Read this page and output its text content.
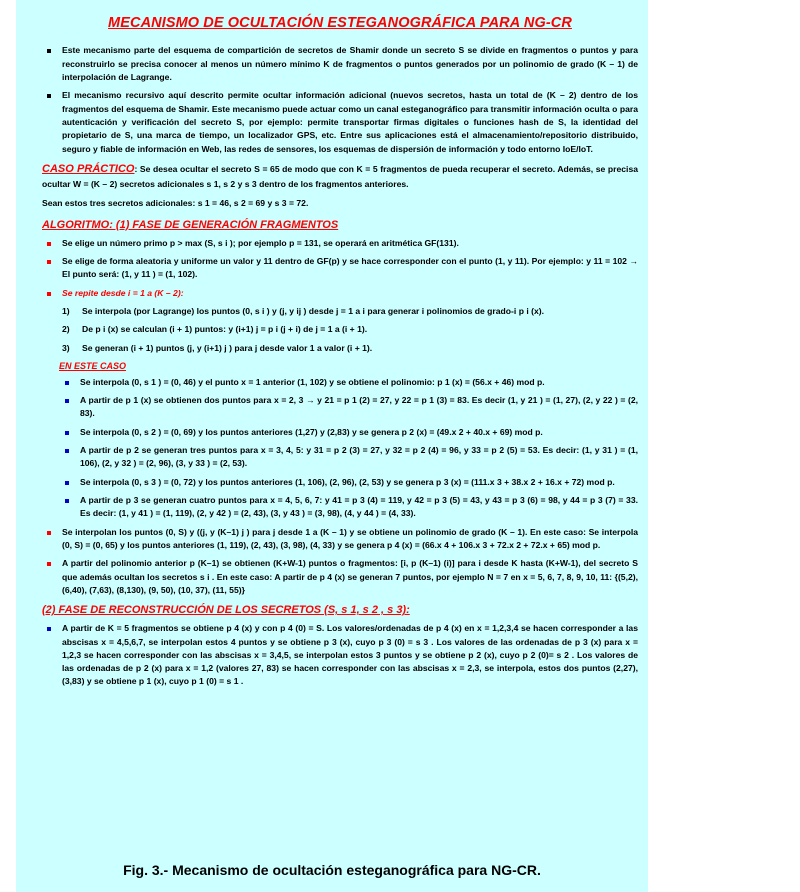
MECANISMO DE OCULTACIÓN ESTEGANOGRÁFICA PARA NG-CR
Este mecanismo parte del esquema de compartición de secretos de Shamir donde un secreto S se divide en fragmentos o puntos y para reconstruirlo se precisa conocer al menos un número mínimo K de fragmentos o puntos generados por un polinomio de grado (K – 1) de interpolación de Lagrange.
El mecanismo recursivo aquí descrito permite ocultar información adicional (nuevos secretos, hasta un total de (K – 2) dentro de los fragmentos del esquema de Shamir. Este mecanismo puede actuar como un canal esteganográfico para transmitir información oculta o para autenticación y verificación del secreto S, por ejemplo: permite transportar firmas digitales o funciones hash de S, la identidad del propietario de S, una marca de tiempo, un localizador GPS, etc. Entre sus aplicaciones está el almacenamiento/repositorio distribuido, seguro y fiable de información en Web, las redes de sensores, los esquemas de dispersión de información y todo entorno IoE/IoT.

CASO PRÁCTICO: Se desea ocultar el secreto S = 65 de modo que con K = 5 fragmentos de pueda recuperar el secreto. Además, se precisa ocultar W = (K – 2) secretos adicionales s 1, s 2 y s 3 dentro de los fragmentos anteriores.

Sean estos tres secretos adicionales: s 1 = 46, s 2 = 69 y s 3 = 72.

ALGORITMO: (1) FASE DE GENERACIÓN FRAGMENTOS
Se elige un número primo p > max (S, s i ); por ejemplo p = 131, se operará en aritmética GF(131).
Se elige de forma aleatoria y uniforme un valor y 11 dentro de GF(p) y se hace corresponder con el punto (1, y 11). Por ejemplo: y 11 = 102 → El punto será: (1, y 11 ) = (1, 102).
Se repite desde i = 1 a (K – 2):
1) Se interpola (por Lagrange) los puntos (0, s i ) y (j, y ij ) desde j = 1 a i para generar i polinomios de grado-i p i (x).
2) De p i (x) se calculan (i + 1) puntos: y (i+1) j = p i (j + i) de j = 1 a (i + 1).
3) Se generan (i + 1) puntos (j, y (i+1) j ) para j desde valor 1 a valor (i + 1).
EN ESTE CASO
Se interpola (0, s 1 ) = (0, 46) y el punto x = 1 anterior (1, 102) y se obtiene el polinomio: p 1 (x) = (56.x + 46) mod p.
A partir de p 1 (x) se obtienen dos puntos para x = 2, 3 → y 21 = p 1 (2) = 27, y 22 = p 1 (3) = 83. Es decir (1, y 21 ) = (1, 27), (2, y 22 ) = (2, 83).
Se interpola (0, s 2 ) = (0, 69) y los puntos anteriores (1,27) y (2,83) y se genera p 2 (x) = (49.x 2 + 40.x + 69) mod p.
A partir de p 2 se generan tres puntos para x = 3, 4, 5: y 31 = p 2 (3) = 27, y 32 = p 2 (4) = 96, y 33 = p 2 (5) = 53. Es decir: (1, y 31 ) = (1, 106), (2, y 32 ) = (2, 96), (3, y 33 ) = (2, 53).
Se interpola (0, s 3 ) = (0, 72) y los puntos anteriores (1, 106), (2, 96), (2, 53) y se genera p 3 (x) = (111.x 3 + 38.x 2 + 16.x + 72) mod p.
A partir de p 3 se generan cuatro puntos para x = 4, 5, 6, 7: y 41 = p 3 (4) = 119, y 42 = p 3 (5) = 43, y 43 = p 3 (6) = 98, y 44 = p 3 (7) = 33. Es decir: (1, y 41 ) = (1, 119), (2, y 42 ) = (2, 43), (3, y 43 ) = (3, 98), (4, y 44 ) = (4, 33).
Se interpolan los puntos (0, S) y ((j, y (K–1) j ) para j desde 1 a (K – 1) y se obtiene un polinomio de grado (K – 1). En este caso: Se interpola (0, S) = (0, 65) y los puntos anteriores (1, 119), (2, 43), (3, 98), (4, 33) y se genera p 4 (x) = (66.x 4 + 106.x 3 + 72.x 2 + 72.x + 65) mod p.
A partir del polinomio anterior p (K–1) se obtienen (K+W-1) puntos o fragmentos: [i, p (K–1) (i)] para i desde K hasta (K+W-1), del secreto S que además ocultan los secretos s i . En este caso: A partir de p 4 (x) se generan 7 puntos, por ejemplo N = 7 en x = 5, 6, 7, 8, 9, 10, 11: {(5,2), (6,40), (7,63), (8,130), (9, 50), (10, 37), (11, 55)}
(2) FASE DE RECONSTRUCCIÓN DE LOS SECRETOS (S, s 1, s 2 , s 3):
A partir de K = 5 fragmentos se obtiene p 4 (x) y con p 4 (0) = S. Los valores/ordenadas de p 4 (x) en x = 1,2,3,4 se hacen corresponder a las abscisas x = 4,5,6,7, se interpolan estos 4 puntos y se obtiene p 3 (x), cuyo p 3 (0) = s 3 . Los valores de las ordenadas de p 3 (x) para x = 1,2,3 se hacen corresponder con las abscisas x = 3,4,5, se interpolan estos 3 puntos y se obtiene p 2 (x), cuyo p 2 (0)= s 2 . Los valores de las ordenadas de p 2 (x) para x = 1,2 (valores 27, 83) se hacen corresponder con las abscisas x = 2,3, se interpola, estos dos puntos (2,27), (3,83) y se obtiene p 1 (x), cuyo p 1 (0) = s 1 .
Fig. 3.- Mecanismo de ocultación esteganográfica para NG-CR.
